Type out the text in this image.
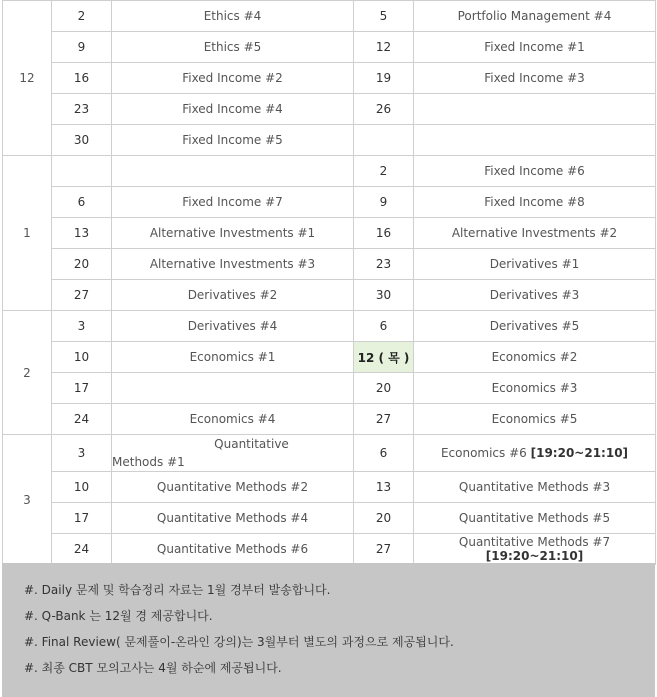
12	2	Ethics #4	5	Portfolio Management #4
	9	Ethics #5	12	Fixed Income #1
	16	Fixed Income #2	19	Fixed Income #3
	23	Fixed Income #4	26	
	30	Fixed Income #5		
1			2	Fixed Income #6
	6	Fixed Income #7	9	Fixed Income #8
	13	Alternative Investments #1	16	Alternative Investments #2
	20	Alternative Investments #3	23	Derivatives #1
	27	Derivatives #2	30	Derivatives #3
2	3	Derivatives #4	6	Derivatives #5
	10	Economics #1	12 ( 목 )	Economics #2
	17		20	Economics #3
	24	Economics #4	27	Economics #5
3	3	Quantitative
Methods #1	6	Economics #6 [19:20~21:10]
	10	Quantitative Methods #2	13	Quantitative Methods #3
	17	Quantitative Methods #4	20	Quantitative Methods #5
	24	Quantitative Methods #6	27	Quantitative Methods #7 [19:20~21:10]

#. Daily 문제 및 학습정리 자료는 1월 경부터 발송합니다.

#. Q-Bank 는 12월 경 제공합니다.

#. Final Review( 문제풀이-온라인 강의)는 3월부터 별도의 과정으로 제공됩니다.

#. 최종 CBT 모의고사는 4월 하순에 제공됩니다.
